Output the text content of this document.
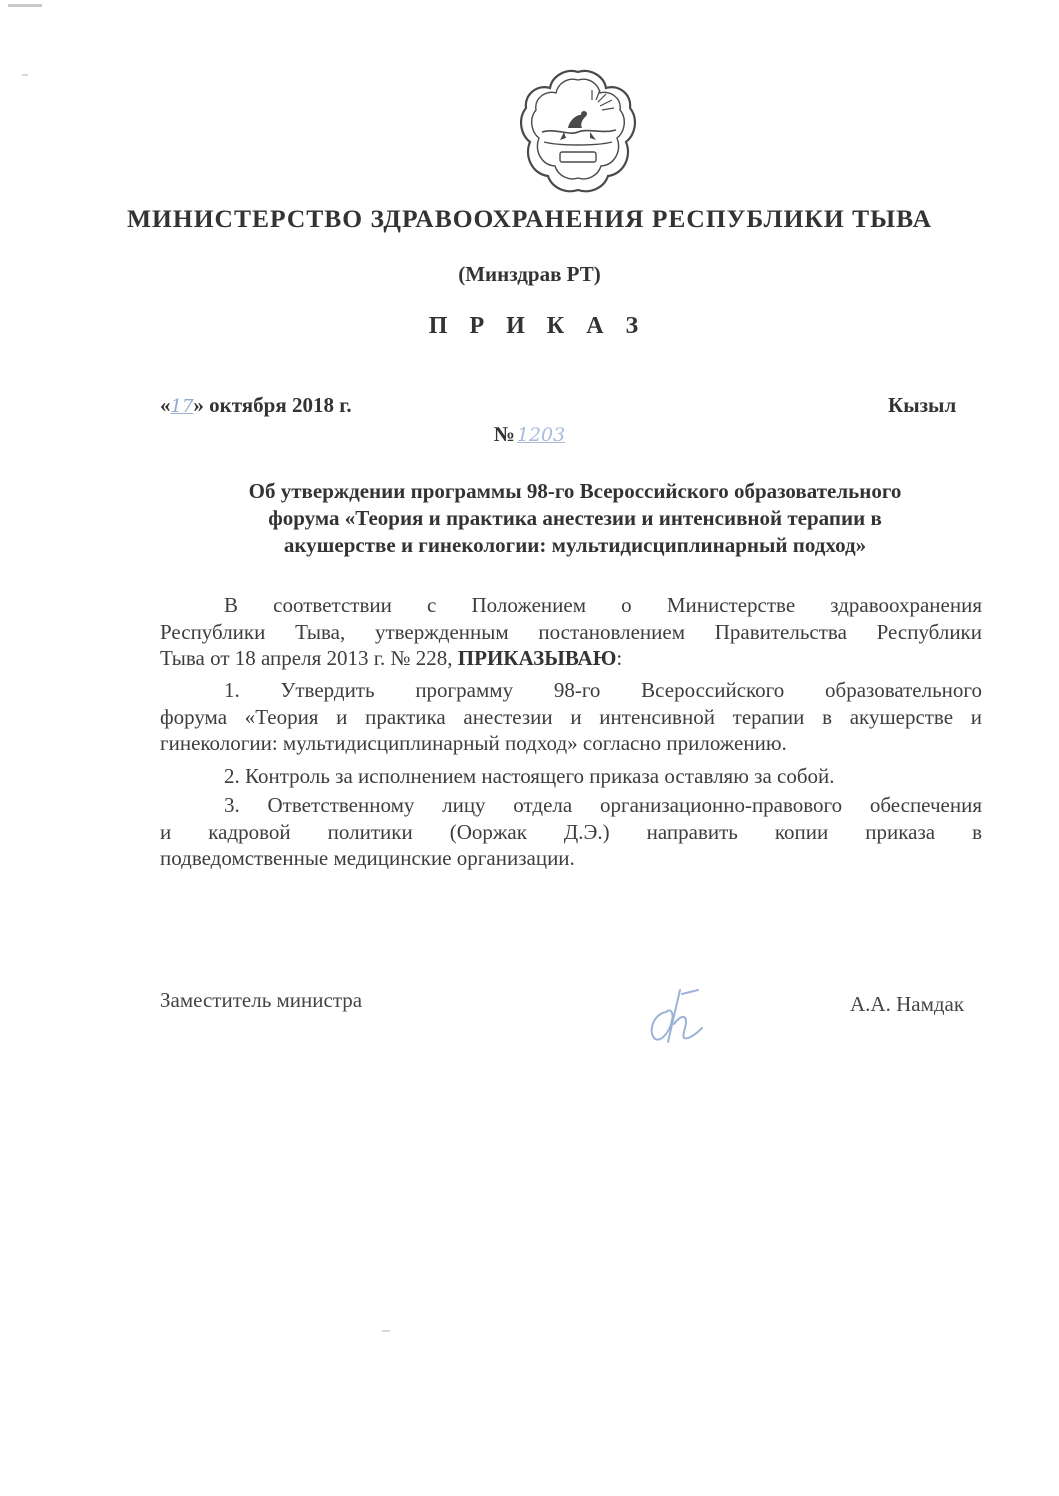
МИНИСТЕРСТВО ЗДРАВООХРАНЕНИЯ РЕСПУБЛИКИ ТЫВА
(Минздрав РТ)
П Р И К А З
«17» октября 2018 г.	Кызыл
№ 1203
Об утверждении программы 98-го Всероссийского образовательного
форума «Теория и практика анестезии и интенсивной терапии в
акушерстве и гинекологии: мультидисциплинарный подход»
В соответствии с Положением о Министерстве здравоохранения
Республики Тыва, утвержденным постановлением Правительства Республики
Тыва от 18 апреля 2013 г. № 228, ПРИКАЗЫВАЮ:
1. Утвердить программу 98-го Всероссийского образовательного
форума «Теория и практика анестезии и интенсивной терапии в акушерстве и
гинекологии: мультидисциплинарный подход» согласно приложению.
2. Контроль за исполнением настоящего приказа оставляю за собой.
3. Ответственному лицу отдела организационно-правового обеспечения
и кадровой политики (Ооржак Д.Э.) направить копии приказа в
подведомственные медицинские организации.
Заместитель министра	А.А. Намдак
